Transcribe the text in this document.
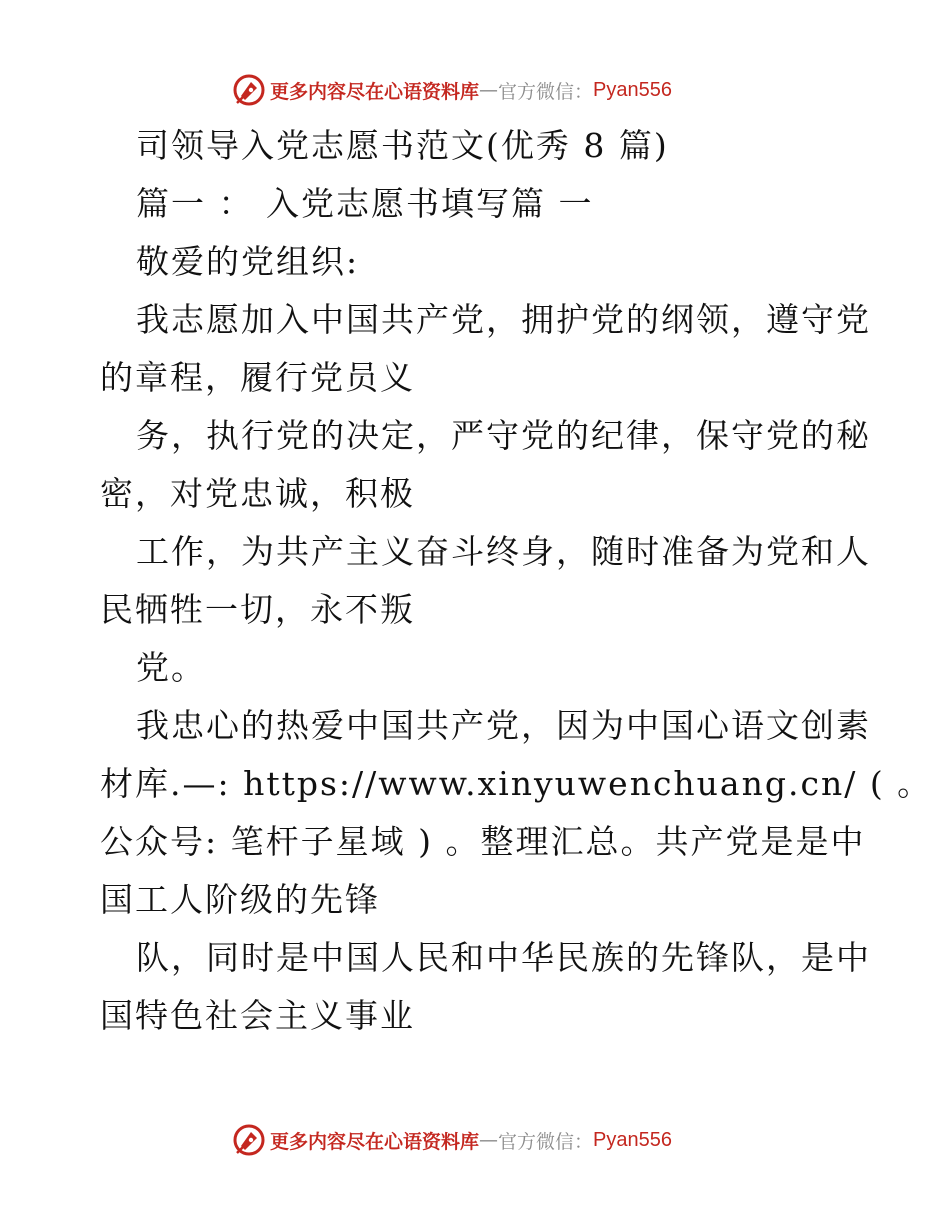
更多内容尽在心语资料库 — 官方微信： Pyan556
司领导入党志愿书范文(优秀 8 篇)
篇一 ： 入党志愿书填写篇 一
敬爱的党组织:
我志愿加入中国共产党，拥护党的纲领，遵守党
的章程，履行党员义
务，执行党的决定，严守党的纪律，保守党的秘
密，对党忠诚，积极
工作，为共产主义奋斗终身，随时准备为党和人
民牺牲一切，永不叛
党。
我忠心的热爱中国共产党，因为中国心语文创素
材库.—: https://www.xinyuwenchuang.cn/ ( 。
公众号: 笔杆子星域 ) 。整理汇总。共产党是是中
国工人阶级的先锋
队，同时是中国人民和中华民族的先锋队，是中
国特色社会主义事业
更多内容尽在心语资料库 — 官方微信： Pyan556
